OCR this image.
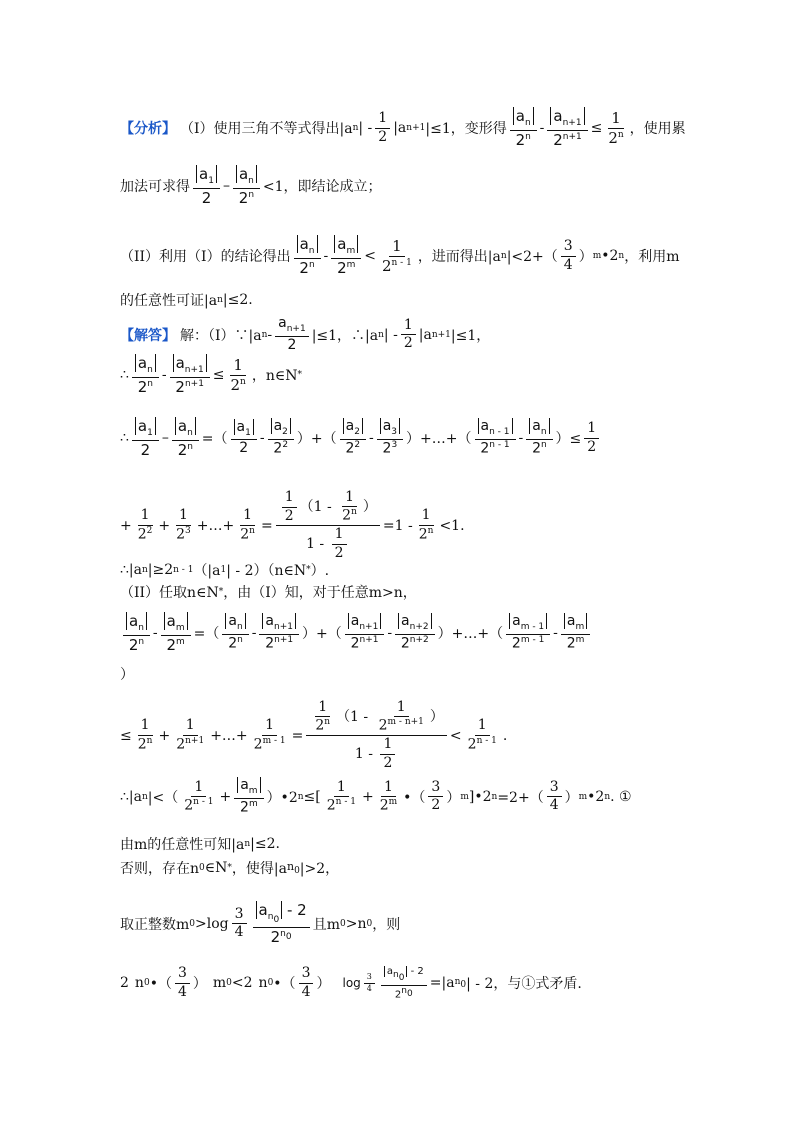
【分析】 （I）使用三角不等式得出|a n | - $\frac{1}{2} |a$ n+1 |≤1，变形得 $\frac{a_n}{2^n} - \frac{a_{n+1}}{2^{n+1}} \le \frac{1}{2^n}$ ，使用累
加法可求得 $\frac{a_1}{2} - \frac{a_n}{2^n} <1$，即结论成立；
（II）利用（I）的结论得出 $\frac{a_n}{2^n} - \frac{a_m}{2^m} < \frac{1}{2^{n - 1}}$ ，进而得出|a n $|<2+( \frac{3}{4}$ ） m •2 n ，利用m
的任意性可证|a n |≤2.
【解答】 解：（I）∵|a $n - \frac{a_{n+1}}{2} |\le 1$，∴|a n | - $\frac{1}{2} |a$ n+1 |≤1，
∴ $\frac{a_n}{2^n} - \frac{a_{n+1}}{2^{n+1}} \le \frac{1}{2^n}$ ，n∈N *
∴ $\frac{a_1}{2} - \frac{a_n}{2^n}$ =（ $\frac{a_1}{2} - \frac{a_2}{2^2}$ ）+（ $\frac{a_2}{2^2} - \frac{a_3}{2^3}$ ）+…+（ $\frac{a_{n - 1}}{2^{n - 1}} - \frac{a_n}{2^n}$ ）≤ $\frac{1}{2}$
+ $\frac{1}{2^2} + \frac{1}{2^3}$ +…+ $\frac{1}{2^n} = \frac{\frac{1}{2} (1 - \frac{1}{2^n} )}{1 - \frac{1}{2}} =1 - \frac{1}{2^n} <1$.
∴|a n |≥2 n - 1 （|a 1 | - 2）（n∈N * ）.
（II）任取n∈N * ，由（I）知，对于任意m>n，
$\frac{a_n}{2^n} - \frac{a_m}{2^m}$ =（ $\frac{a_n}{2^n} - \frac{a_{n+1}}{2^{n+1}}$ ）+（ $\frac{a_{n+1}}{2^{n+1}} - \frac{a_{n+2}}{2^{n+2}}$ ）+…+（ $\frac{a_{m - 1}}{2^{m - 1}} - \frac{a_m}{2^m}$
）
≤ $\frac{1}{2^n} + \frac{1}{2^{n+1}}$ +…+ $\frac{1}{2^{m - 1}} = \frac{\frac{1}{2^n} (1 - \frac{1}{2^{m - n+1}} )}{1 - \frac{1}{2}} < \frac{1}{2^{n - 1}}$ .
∴|a n |<（ $\frac{1}{2^{n - 1}} + \frac{a_m}{2^m}$ ）•2 n ≤[ $\frac{1}{2^{n - 1}} + \frac{1}{2^m}$ •（ $\frac{3}{2}$ ） m ]•2 $n =2+( \frac{3}{4}$ ） m •2 n . ①
由m的任意性可知|a n |≤2.
否则，存在n 0 ∈N * ，使得|a $n_0$ |>2，
取正整数m $0 >\log \frac{3}{4} \frac{a_{n_0} - 2}{2^{n_0}}$ 且m 0 >n 0 ，则
2 n 0 •（ $\frac{3}{4}$ ） m 0 <2 n 0 •（ $\frac{3}{4}$ ） $\log \frac{3}{4} \frac{a_{n_0} - 2}{2^{n_0}} =|a$ $n_0$ | - 2，与①式矛盾.
